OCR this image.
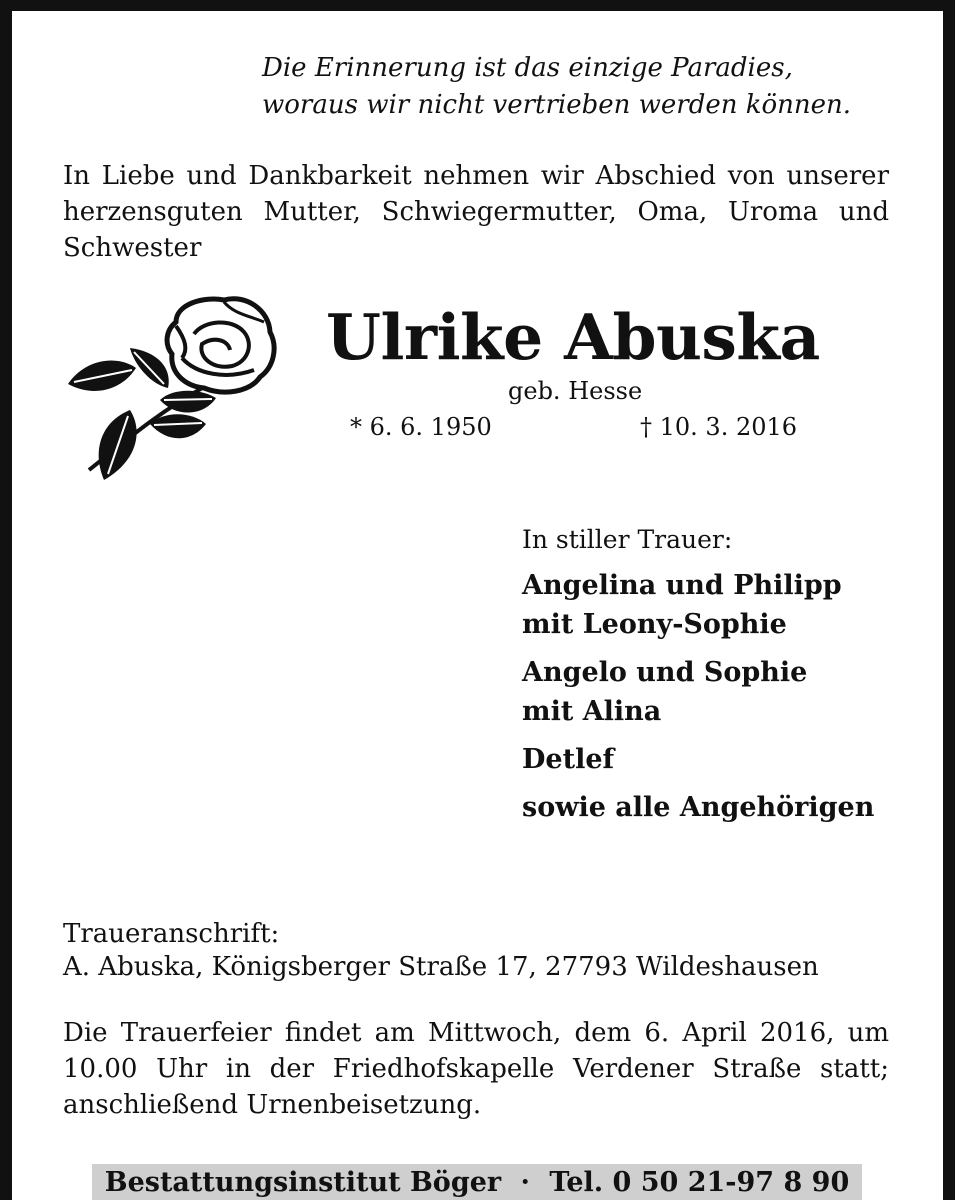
Die Erinnerung ist das einzige Paradies,
woraus wir nicht vertrieben werden können.
In Liebe und Dankbarkeit nehmen wir Abschied von unserer herzensguten Mutter, Schwiegermutter, Oma, Uroma und Schwester
Ulrike Abuska
geb. Hesse
* 6. 6. 1950	† 10. 3. 2016
In stiller Trauer:
Angelina und Philipp
mit Leony-Sophie
Angelo und Sophie
mit Alina
Detlef
sowie alle Angehörigen
Traueranschrift:
A. Abuska, Königsberger Straße 17, 27793 Wildeshausen
Die Trauerfeier findet am Mittwoch, dem 6. April 2016, um 10.00 Uhr in der Friedhofskapelle Verdener Straße statt; anschließend Urnenbeisetzung.
Bestattungsinstitut Böger · Tel. 0 50 21-97 8 90
